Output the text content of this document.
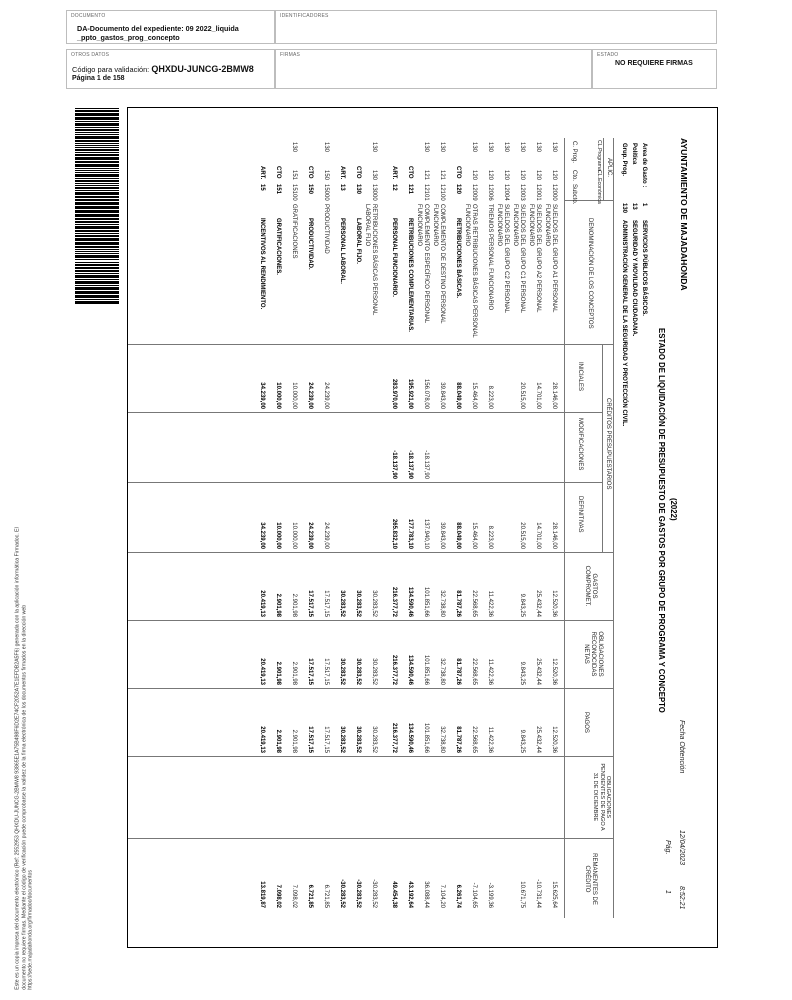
DOCUMENTO
DA-Documento del expediente: 09 2022_liquida _ppto_gastos_prog_concepto
IDENTIFICADORES
OTROS DATOS
Código para validación: QHXDU-JUNCG-2BMW8
Página 1 de 158
FIRMAS	ESTADO
NO REQUIERE FIRMAS
Este es un copia impresa del documento electrónico (Ref: 2552953 QHXDU-JUNCG-2BMW8 93865E1A75B498F6D2E74CF2052A7E1EFDB2A5F6) generada con la aplicación informática Firmadoc. El documento no requiere firmas. Mediante el código de verificación puede comprobarse la validez de la firma electrónica de los documentos firmados en la dirección web https://sede.majadahonda.org/firmadoc/documentos
AYUNTAMIENTO DE MAJADAHONDA
Fecha Obtención
12/04/2023
8:52:21
Pág.
1
ESTADO DE LIQUIDACIÓN DE PRESUPUESTO DE GASTOS POR GRUPO DE PROGRAMA Y CONCEPTO (2022)
Area de Gasto :
1
SERVICIOS PÚBLICOS BÁSICOS.
Política
13
SEGURIDAD Y MOVILIDAD CIUDADANA.
Grup. Prog.
130
ADMINISTRACIÓN GENERAL DE LA SEGURIDAD Y PROTECCIÓN CIVIL.
APLIC.
CL.Programa
CL.Económica
C. Prog.
Cto.
Subcto.
DENOMINACIÓN DE LOS CONCEPTOS
CRÉDITOS PRESUPUESTARIOS
INICIALES
MODIFICACIONES
DEFINITIVAS
GASTOS COMPROMET.
OBLIGACIONES RECONOCIDAS NETAS
PAGOS
OBLIGACIONES PENDIENTES DE PAGO A 31 DE DICIEMBRE
REMANENTES DE CRÉDITO
130
120
12000
SUELDOS DEL GRUPO A1 PERSONAL FUNCIONARIO
28.146,00
28.146,00
12.520,36
12.520,36
12.520,36
15.625,64
130
120
12001
SUELDOS DEL GRUPO A2 PERSONAL FUNCIONARIO
14.701,00
14.701,00
25.432,44
25.432,44
25.432,44
-10.731,44
130
120
12003
SUELDOS DEL GRUPO C1 PERSONAL FUNCIONARIO
20.515,00
20.515,00
9.843,25
9.843,25
9.843,25
10.671,75
130
120
12004
SUELDOS DEL GRUPO C2 PERSONAL FUNCIONARIO
130
120
12006
TRIENIOS PERSONAL FUNCIONARIO
8.223,00
8.223,00
11.422,36
11.422,36
11.422,36
-3.199,36
130
120
12009
OTRAS RETRIBUCIONES BÁSICAS PERSONAL FUNCIONARIO
15.464,00
15.464,00
22.568,65
22.568,65
22.568,65
-7.104,65
CTO
120
RETRIBUCIONES BÁSICAS.
88.049,00
88.049,00
81.787,26
81.787,26
81.787,26
6.261,74
130
121
12100
COMPLEMENTO DE DESTINO PERSONAL FUNCIONARIO
39.843,00
39.843,00
32.738,80
32.738,80
32.738,80
7.104,20
130
121
12101
COMPLEMENTO ESPECÍFICO PERSONAL FUNCIONARIO
156.078,00
-18.137,90
137.940,10
101.851,66
101.851,66
101.851,66
36.088,44
CTO
121
RETRIBUCIONES COMPLEMENTARIAS.
195.921,00
-18.137,90
177.783,10
134.590,46
134.590,46
134.590,46
43.192,64
ART.
12
PERSONAL FUNCIONARIO.
283.970,00
-18.137,90
265.832,10
216.377,72
216.377,72
216.377,72
49.454,38
130
130
13000
RETRIBUCIONES BÁSICAS PERSONAL LABORAL FIJO
30.283,52
30.283,52
30.283,52
-30.283,52
CTO
130
LABORAL FIJO.
30.283,52
30.283,52
30.283,52
-30.283,52
ART.
13
PERSONAL LABORAL.
30.283,52
30.283,52
30.283,52
-30.283,52
130
150
15000
PRODUCTIVIDAD
24.239,00
24.239,00
17.517,15
17.517,15
17.517,15
6.721,85
CTO
150
PRODUCTIVIDAD.
24.239,00
24.239,00
17.517,15
17.517,15
17.517,15
6.721,85
130
151
15100
GRATIFICACIONES
10.000,00
10.000,00
2.901,98
2.901,98
2.901,98
7.098,02
CTO
151
GRATIFICACIONES.
10.000,00
10.000,00
2.901,98
2.901,98
2.901,98
7.098,02
ART.
15
INCENTIVOS AL RENDIMIENTO.
34.239,00
34.239,00
20.419,13
20.419,13
20.419,13
13.819,87
